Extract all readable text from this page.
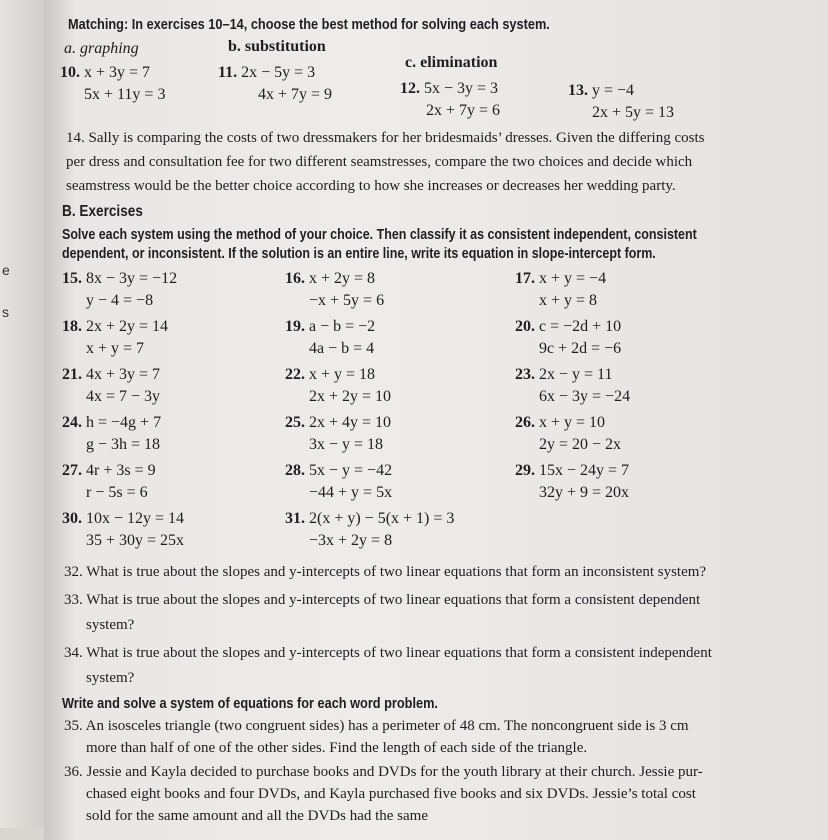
e
s
Matching: In exercises 10–14, choose the best method for solving each system.
a. graphing	b. substitution
c. elimination
10. x + 3y = 7
5x + 11y = 3
11. 2x − 5y = 3
4x + 7y = 9	12. 5x − 3y = 3
2x + 7y = 6
13. y = −4
2x + 5y = 13
14. Sally is comparing the costs of two dressmakers for her bridesmaids’ dresses. Given the differing costs
per dress and consultation fee for two different seamstresses, compare the two choices and decide which
seamstress would be the better choice according to how she increases or decreases her wedding party.
B. Exercises
Solve each system using the method of your choice. Then classify it as consistent independent, consistent
dependent, or inconsistent. If the solution is an entire line, write its equation in slope-intercept form.
15. 8x − 3y = −12
y − 4 = −8
16. x + 2y = 8
−x + 5y = 6
17. x + y = −4
x + y = 8
18. 2x + 2y = 14
x + y = 7
19. a − b = −2
4a − b = 4
20. c = −2d + 10
9c + 2d = −6
21. 4x + 3y = 7
4x = 7 − 3y
22. x + y = 18
2x + 2y = 10
23. 2x − y = 11
6x − 3y = −24
24. h = −4g + 7
g − 3h = 18
25. 2x + 4y = 10
3x − y = 18
26. x + y = 10
2y = 20 − 2x
27. 4r + 3s = 9
r − 5s = 6
28. 5x − y = −42
−44 + y = 5x
29. 15x − 24y = 7
32y + 9 = 20x
30. 10x − 12y = 14
35 + 30y = 25x
31. 2(x + y) − 5(x + 1) = 3
−3x + 2y = 8
32. What is true about the slopes and y-intercepts of two linear equations that form an inconsistent system?
33. What is true about the slopes and y-intercepts of two linear equations that form a consistent dependent
system?
34. What is true about the slopes and y-intercepts of two linear equations that form a consistent independent
system?
Write and solve a system of equations for each word problem.
35. An isosceles triangle (two congruent sides) has a perimeter of 48 cm. The noncongruent side is 3 cm
more than half of one of the other sides. Find the length of each side of the triangle.
36. Jessie and Kayla decided to purchase books and DVDs for the youth library at their church. Jessie pur-
chased eight books and four DVDs, and Kayla purchased five books and six DVDs. Jessie’s total cost
sold for the same amount and all the DVDs had the same
